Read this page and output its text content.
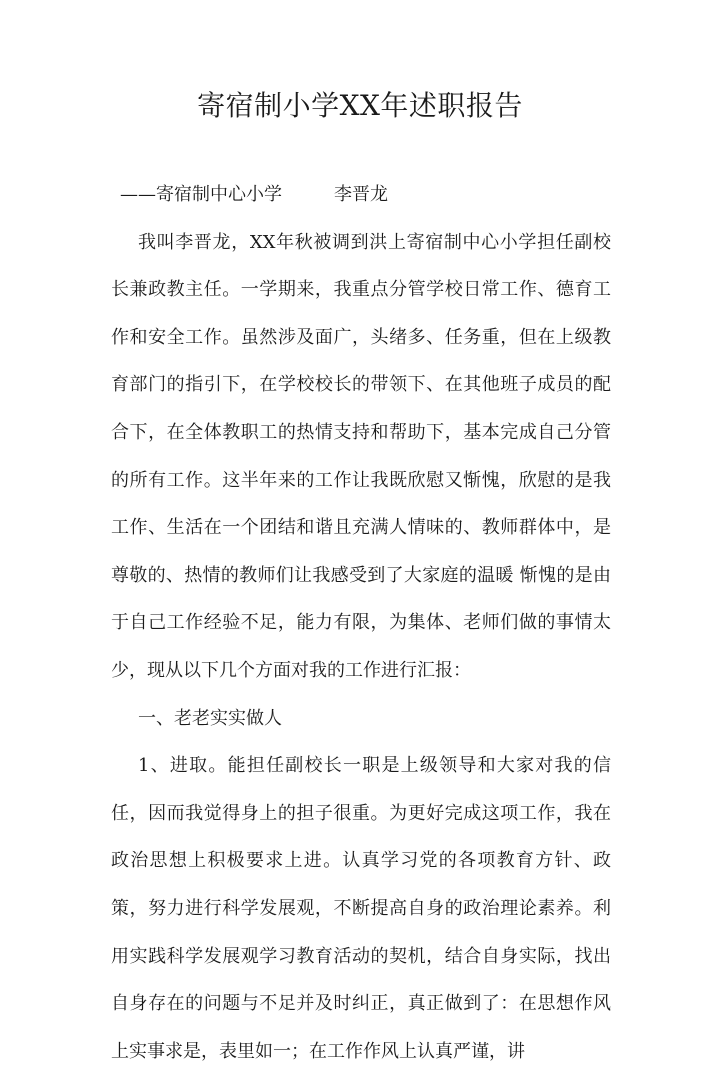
寄宿制小学XX年述职报告

——寄宿制中心小学	李晋龙

我叫李晋龙，XX年秋被调到洪上寄宿制中心小学担任副校长兼政教主任。一学期来，我重点分管学校日常工作、德育工作和安全工作。虽然涉及面广，头绪多、任务重，但在上级教育部门的指引下，在学校校长的带领下、在其他班子成员的配合下，在全体教职工的热情支持和帮助下，基本完成自己分管的所有工作。这半年来的工作让我既欣慰又惭愧，欣慰的是我工作、生活在一个团结和谐且充满人情味的、教师群体中，是尊敬的、热情的教师们让我感受到了大家庭的温暖 惭愧的是由于自己工作经验不足，能力有限，为集体、老师们做的事情太少，现从以下几个方面对我的工作进行汇报：

一、老老实实做人

1、进取。能担任副校长一职是上级领导和大家对我的信任，因而我觉得身上的担子很重。为更好完成这项工作，我在政治思想上积极要求上进。认真学习党的各项教育方针、政策，努力进行科学发展观，不断提高自身的政治理论素养。利用实践科学发展观学习教育活动的契机，结合自身实际，找出自身存在的问题与不足并及时纠正，真正做到了：在思想作风上实事求是，表里如一；在工作作风上认真严谨，讲
